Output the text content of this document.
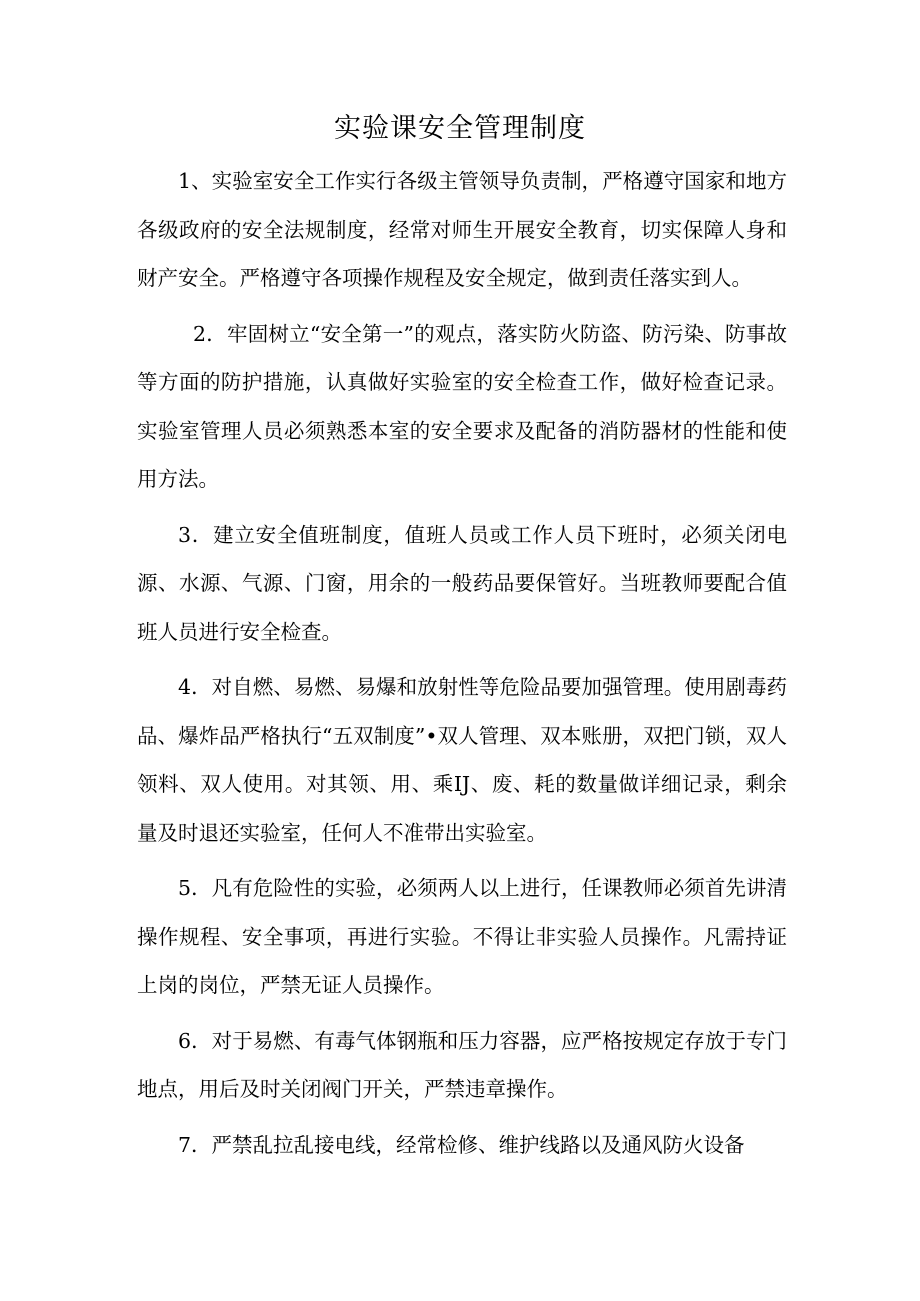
实验课安全管理制度

1、实验室安全工作实行各级主管领导负责制，严格遵守国家和地方各级政府的安全法规制度，经常对师生开展安全教育，切实保障人身和财产安全。严格遵守各项操作规程及安全规定，做到责任落实到人。

2．牢固树立“安全第一”的观点，落实防火防盗、防污染、防事故等方面的防护措施，认真做好实验室的安全检查工作，做好检查记录。实验室管理人员必须熟悉本室的安全要求及配备的消防器材的性能和使用方法。

3．建立安全值班制度，值班人员或工作人员下班时，必须关闭电源、水源、气源、门窗，用余的一般药品要保管好。当班教师要配合值班人员进行安全检查。

4．对自燃、易燃、易爆和放射性等危险品要加强管理。使用剧毒药品、爆炸品严格执行“五双制度”•双人管理、双本账册，双把门锁，双人领料、双人使用。对其领、用、乘IJ、废、耗的数量做详细记录，剩余量及时退还实验室，任何人不准带出实验室。

5．凡有危险性的实验，必须两人以上进行，任课教师必须首先讲清操作规程、安全事项，再进行实验。不得让非实验人员操作。凡需持证上岗的岗位，严禁无证人员操作。

6．对于易燃、有毒气体钢瓶和压力容器，应严格按规定存放于专门地点，用后及时关闭阀门开关，严禁违章操作。

7．严禁乱拉乱接电线，经常检修、维护线路以及通风防火设备
